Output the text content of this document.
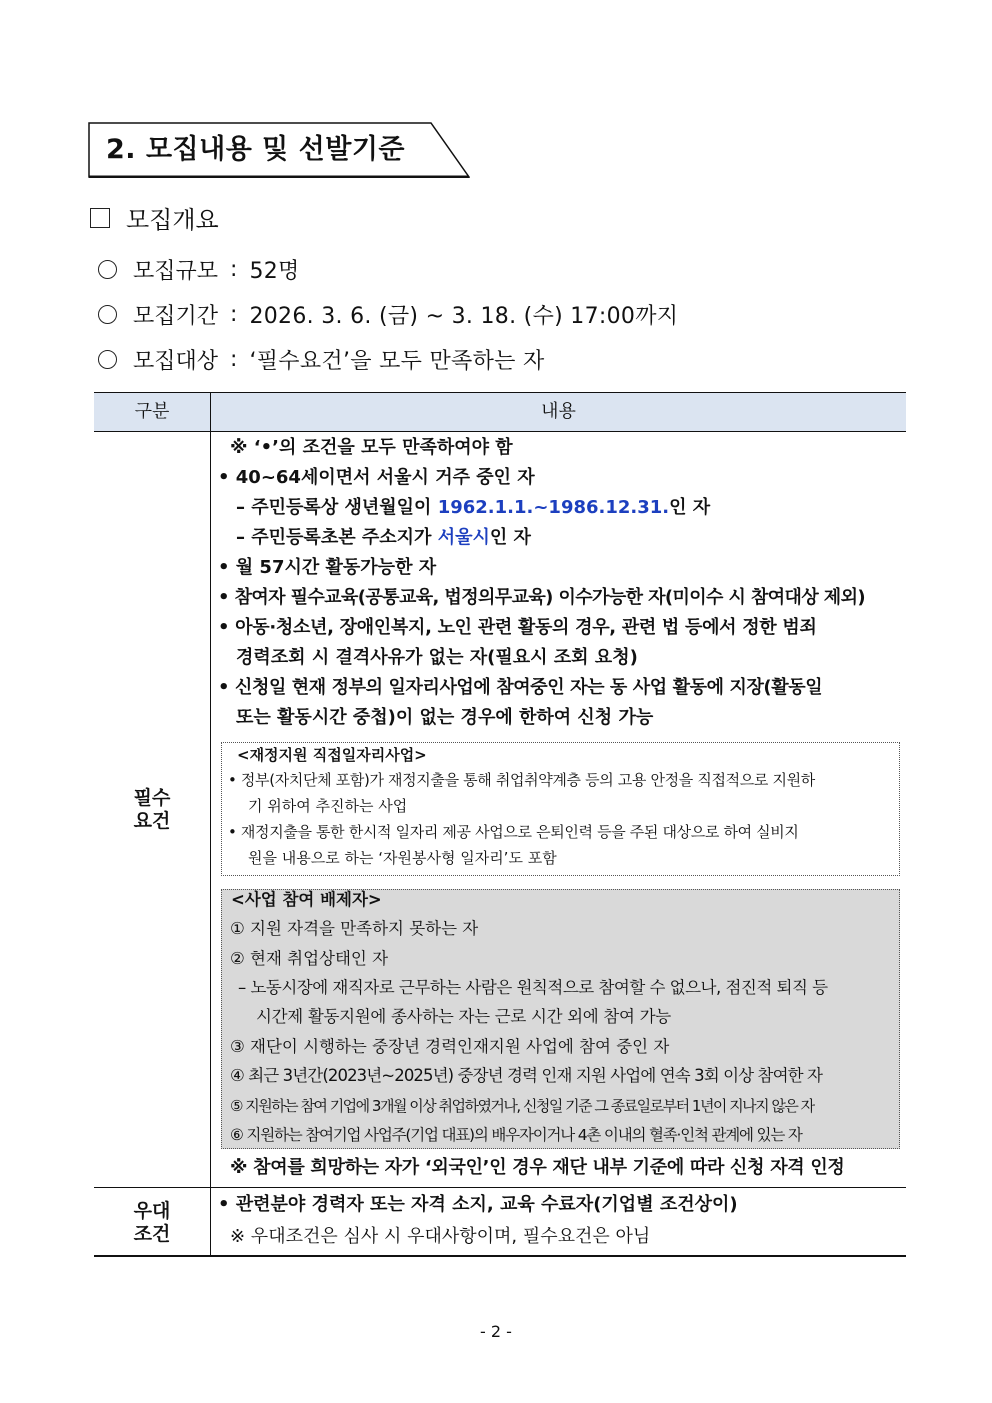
2. 모집내용 및 선발기준
모집개요
모집규모 : 52명
모집기간 : 2026. 3. 6. (금) ~ 3. 18. (수) 17:00까지
모집대상 : ‘필수요건’을 모두 만족하는 자
구분	내용
필수
요건
※ ‘•’의 조건을 모두 만족하여야 함
• 40~64세이면서 서울시 거주 중인 자
– 주민등록상 생년월일이 1962.1.1.~1986.12.31.인 자
– 주민등록초본 주소지가 서울시인 자
• 월 57시간 활동가능한 자
• 참여자 필수교육(공통교육, 법정의무교육) 이수가능한 자(미이수 시 참여대상 제외)
• 아동·청소년, 장애인복지, 노인 관련 활동의 경우, 관련 법 등에서 정한 범죄
경력조회 시 결격사유가 없는 자(필요시 조회 요청)
• 신청일 현재 정부의 일자리사업에 참여중인 자는 동 사업 활동에 지장(활동일
또는 활동시간 중첩)이 없는 경우에 한하여 신청 가능
<재정지원 직접일자리사업>
• 정부(자치단체 포함)가 재정지출을 통해 취업취약계층 등의 고용 안정을 직접적으로 지원하
기 위하여 추진하는 사업
• 재정지출을 통한 한시적 일자리 제공 사업으로 은퇴인력 등을 주된 대상으로 하여 실비지
원을 내용으로 하는 ‘자원봉사형 일자리’도 포함
<사업 참여 배제자>
① 지원 자격을 만족하지 못하는 자
② 현재 취업상태인 자
– 노동시장에 재직자로 근무하는 사람은 원칙적으로 참여할 수 없으나, 점진적 퇴직 등
시간제 활동지원에 종사하는 자는 근로 시간 외에 참여 가능
③ 재단이 시행하는 중장년 경력인재지원 사업에 참여 중인 자
④ 최근 3년간(2023년~2025년) 중장년 경력 인재 지원 사업에 연속 3회 이상 참여한 자
⑤ 지원하는 참여 기업에 3개월 이상 취업하였거나, 신청일 기준 그 종료일로부터 1년이 지나지 않은 자
⑥ 지원하는 참여기업 사업주(기업 대표)의 배우자이거나 4촌 이내의 혈족·인척 관계에 있는 자
※ 참여를 희망하는 자가 ‘외국인’인 경우 재단 내부 기준에 따라 신청 자격 인정
우대
조건
• 관련분야 경력자 또는 자격 소지, 교육 수료자(기업별 조건상이)
※ 우대조건은 심사 시 우대사항이며, 필수요건은 아님
- 2 -
